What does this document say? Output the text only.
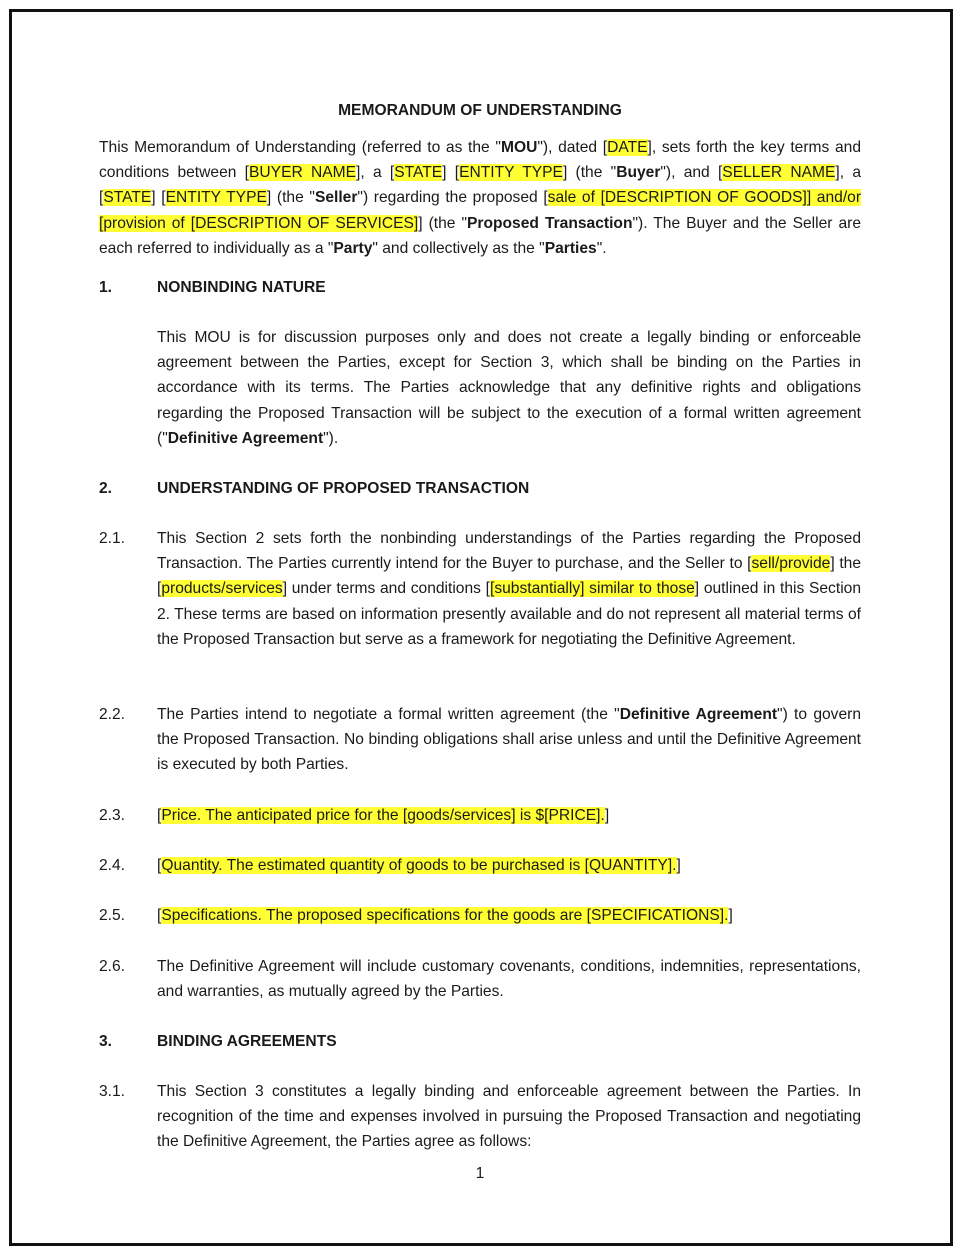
MEMORANDUM OF UNDERSTANDING

This Memorandum of Understanding (referred to as the "MOU"), dated [DATE], sets forth the key terms and conditions between [BUYER NAME], a [STATE] [ENTITY TYPE] (the "Buyer"), and [SELLER NAME], a [STATE] [ENTITY TYPE] (the "Seller") regarding the proposed [sale of [DESCRIPTION OF GOODS]] and/or [provision of [DESCRIPTION OF SERVICES]] (the "Proposed Transaction"). The Buyer and the Seller are each referred to individually as a "Party" and collectively as the "Parties".

1.	NONBINDING NATURE
This MOU is for discussion purposes only and does not create a legally binding or enforceable agreement between the Parties, except for Section 3, which shall be binding on the Parties in accordance with its terms. The Parties acknowledge that any definitive rights and obligations regarding the Proposed Transaction will be subject to the execution of a formal written agreement ("Definitive Agreement").
2.	UNDERSTANDING OF PROPOSED TRANSACTION
2.1.	This Section 2 sets forth the nonbinding understandings of the Parties regarding the Proposed Transaction. The Parties currently intend for the Buyer to purchase, and the Seller to [sell/provide] the [products/services] under terms and conditions [[substantially] similar to those] outlined in this Section 2. These terms are based on information presently available and do not represent all material terms of the Proposed Transaction but serve as a framework for negotiating the Definitive Agreement.
2.2.	The Parties intend to negotiate a formal written agreement (the "Definitive Agreement") to govern the Proposed Transaction. No binding obligations shall arise unless and until the Definitive Agreement is executed by both Parties.
2.3.	[Price. The anticipated price for the [goods/services] is $[PRICE].]
2.4.	[Quantity. The estimated quantity of goods to be purchased is [QUANTITY].]
2.5.	[Specifications. The proposed specifications for the goods are [SPECIFICATIONS].]
2.6.	The Definitive Agreement will include customary covenants, conditions, indemnities, representations, and warranties, as mutually agreed by the Parties.
3.	BINDING AGREEMENTS
3.1.	This Section 3 constitutes a legally binding and enforceable agreement between the Parties. In recognition of the time and expenses involved in pursuing the Proposed Transaction and negotiating the Definitive Agreement, the Parties agree as follows:
1
